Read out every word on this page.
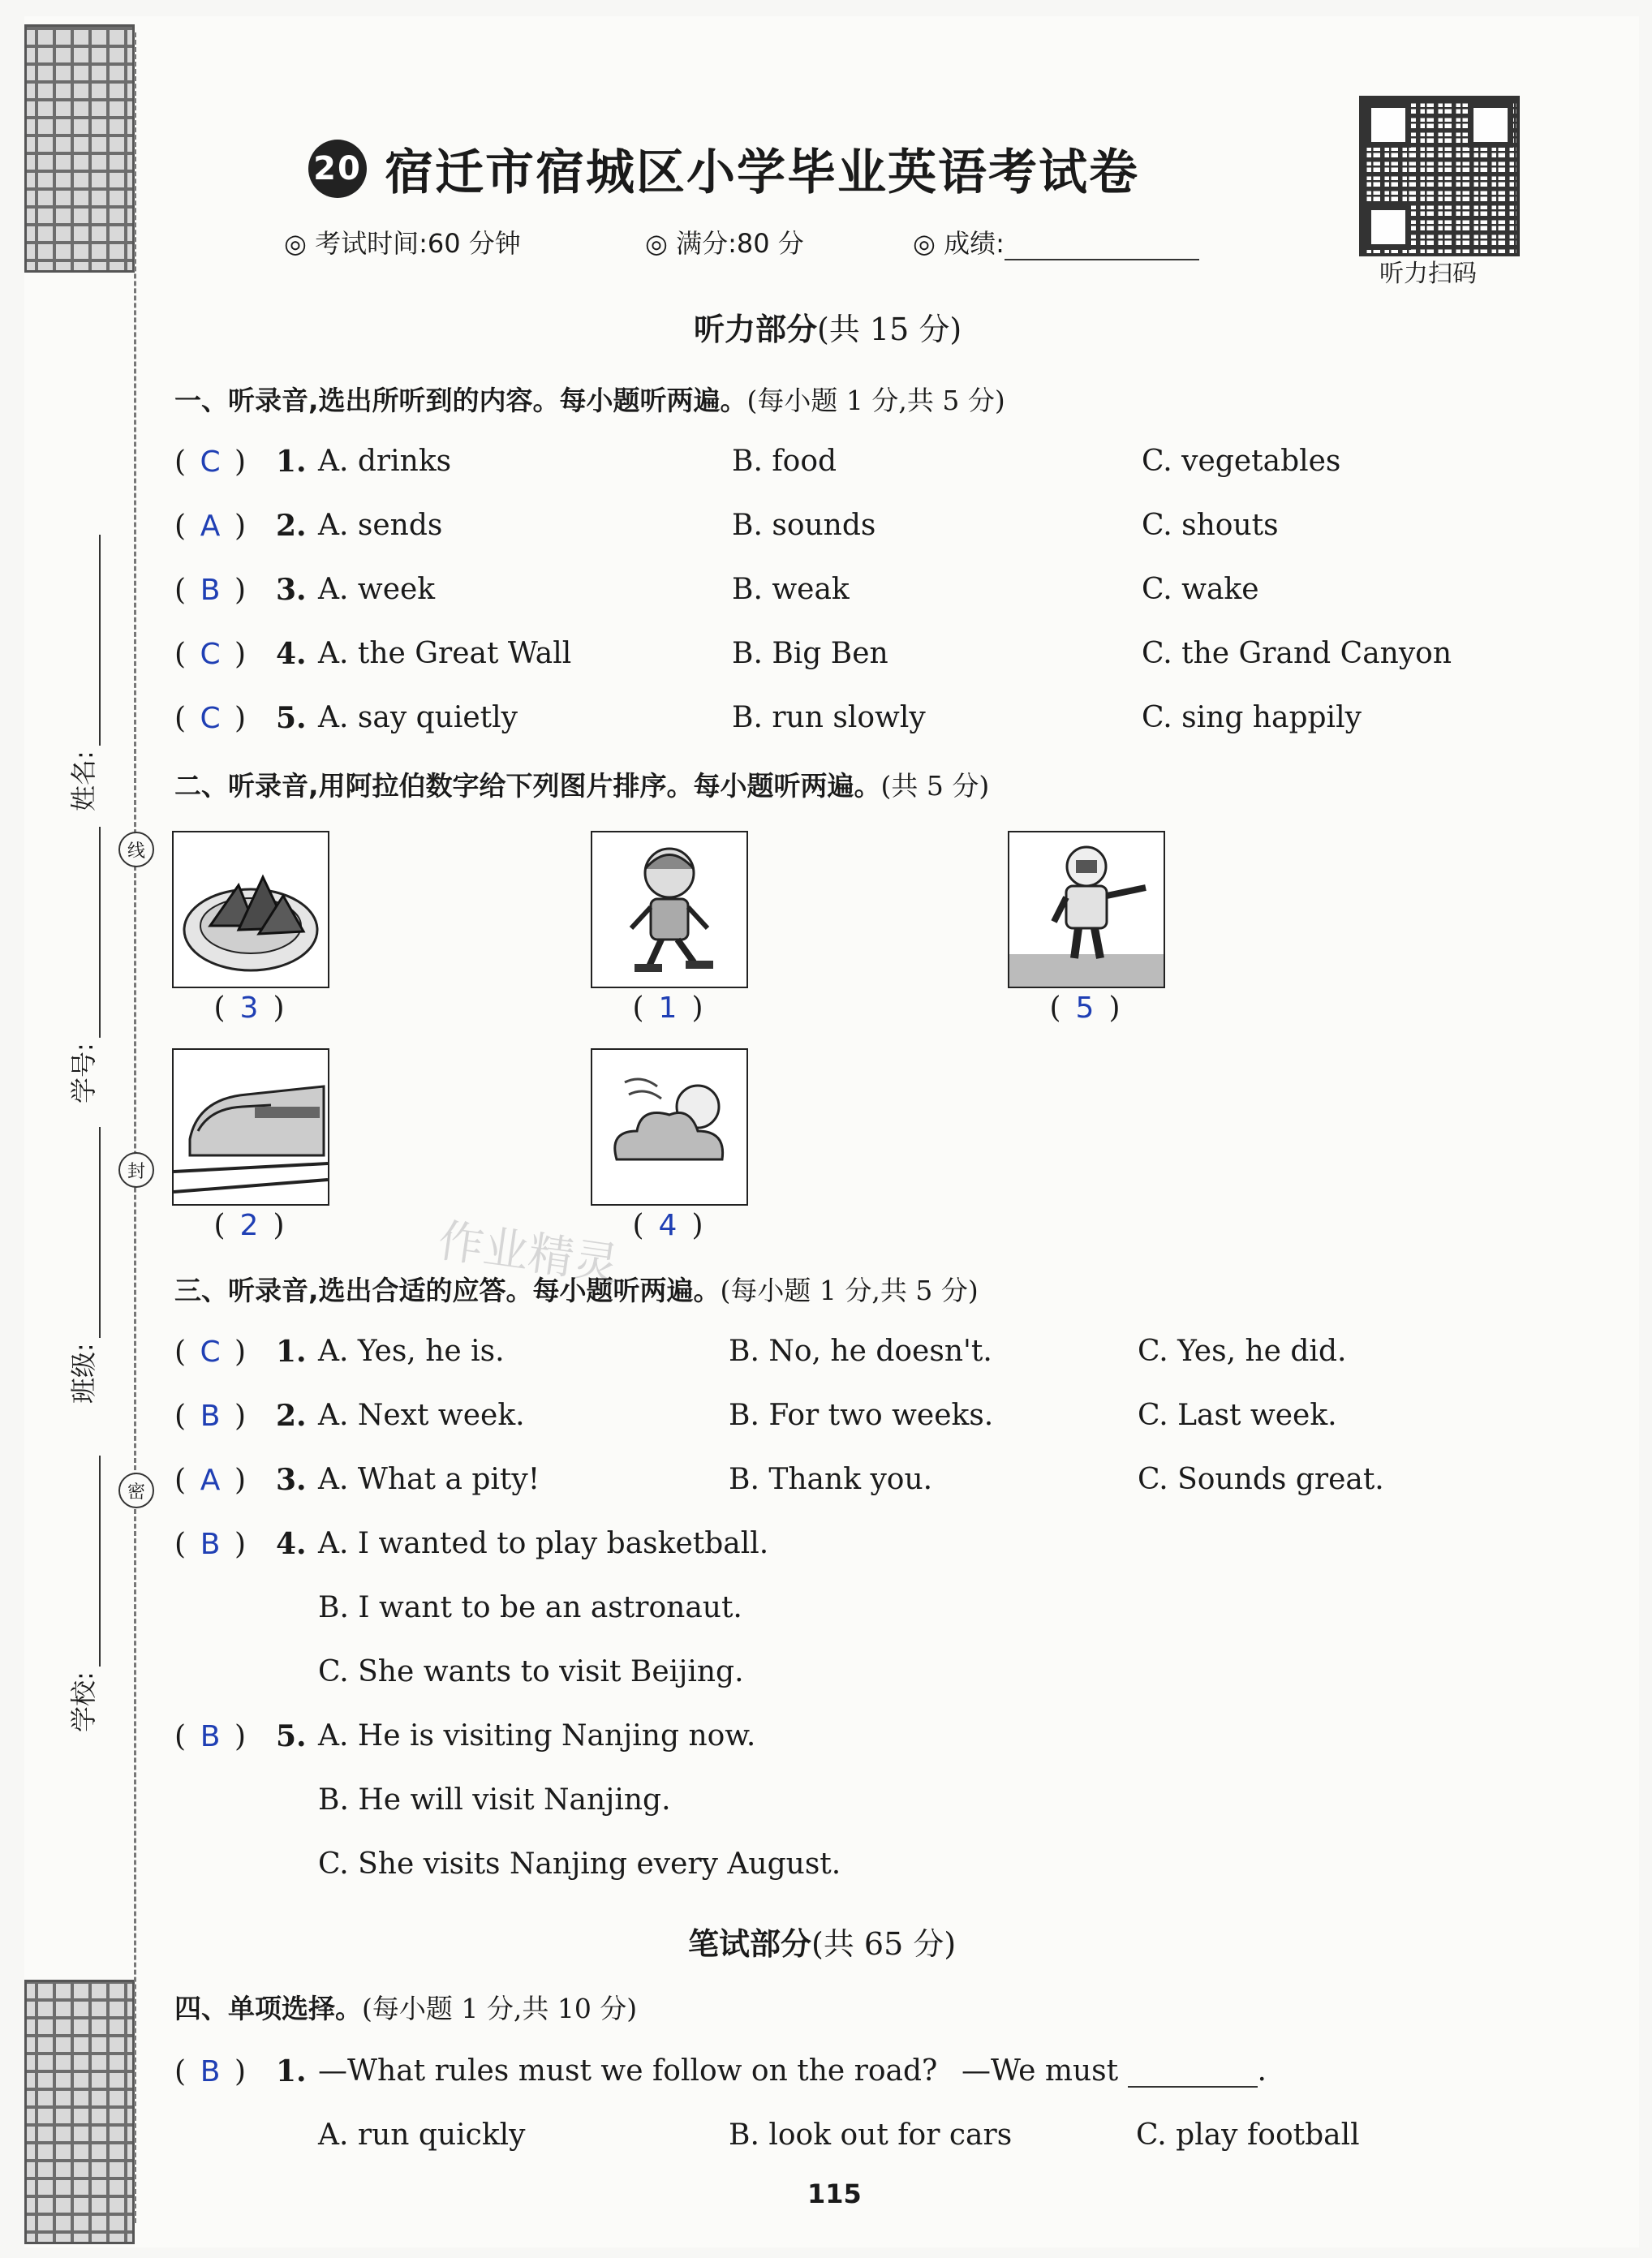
姓名:
线
学号:
封
班级:
密
学校:
20 宿迁市宿城区小学毕业英语考试卷
◎ 考试时间:60 分钟	◎ 满分:80 分	◎ 成绩:
听力扫码
听力部分(共 15 分)
一、听录音,选出所听到的内容。每小题听两遍。(每小题 1 分,共 5 分)
( C ) 1. A. drinks	B. food	C. vegetables
( A ) 2. A. sends	B. sounds	C. shouts
( B ) 3. A. week	B. weak	C. wake
( C ) 4. A. the Great Wall	B. Big Ben	C. the Grand Canyon
( C ) 5. A. say quietly	B. run slowly	C. sing happily
二、听录音,用阿拉伯数字给下列图片排序。每小题听两遍。(共 5 分)
( 3 )	( 1 )	( 5 )
( 2 )	( 4 )
作业精灵
三、听录音,选出合适的应答。每小题听两遍。(每小题 1 分,共 5 分)
( C ) 1. A. Yes, he is.	B. No, he doesn't.	C. Yes, he did.
( B ) 2. A. Next week.	B. For two weeks.	C. Last week.
( A ) 3. A. What a pity!	B. Thank you.	C. Sounds great.
( B ) 4. A. I wanted to play basketball.
B. I want to be an astronaut.
C. She wants to visit Beijing.
( B ) 5. A. He is visiting Nanjing now.
B. He will visit Nanjing.
C. She visits Nanjing every August.
笔试部分(共 65 分)
四、单项选择。(每小题 1 分,共 10 分)
( B ) 1. —What rules must we follow on the road? —We must	.
A. run quickly	B. look out for cars	C. play football
115
